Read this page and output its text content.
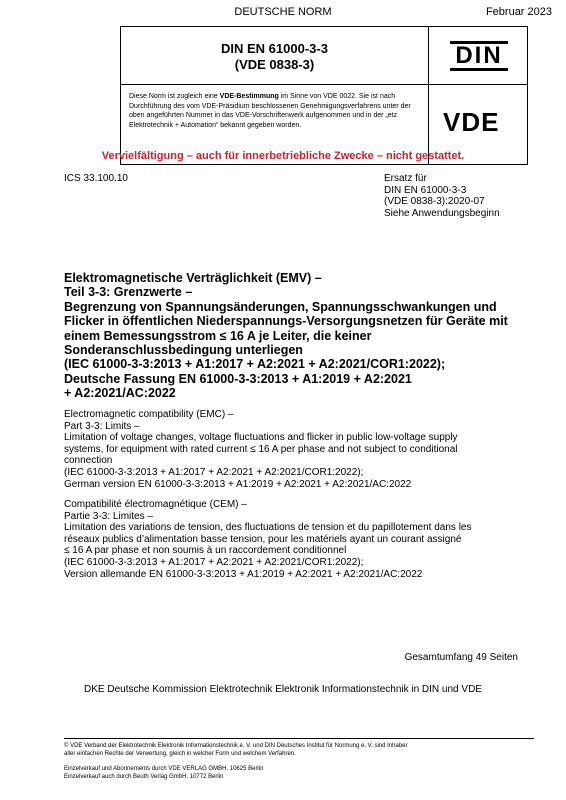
DEUTSCHE NORM	Februar 2023
DIN EN 61000-3-3
(VDE 0838-3)	DIN
Diese Norm ist zugleich eine VDE-Bestimmung im Sinne von VDE 0022. Sie ist nach Durchführung des vom VDE-Präsidium beschlossenen Genehmigungsverfahrens unter der oben angeführten Nummer in das VDE-Vorschriftenwerk aufgenommen und in der „etz Elektrotechnik + Automation“ bekannt gegeben worden.	VDE
Vervielfältigung – auch für innerbetriebliche Zwecke – nicht gestattet.
ICS 33.100.10	Ersatz für
DIN EN 61000-3-3
(VDE 0838-3):2020-07
Siehe Anwendungsbeginn
Elektromagnetische Verträglichkeit (EMV) –
Teil 3-3: Grenzwerte –
Begrenzung von Spannungsänderungen, Spannungsschwankungen und
Flicker in öffentlichen Niederspannungs-Versorgungsnetzen für Geräte mit
einem Bemessungsstrom ≤ 16 A je Leiter, die keiner
Sonderanschlussbedingung unterliegen
(IEC 61000-3-3:2013 + A1:2017 + A2:2021 + A2:2021/COR1:2022);
Deutsche Fassung EN 61000-3-3:2013 + A1:2019 + A2:2021
+ A2:2021/AC:2022
Electromagnetic compatibility (EMC) –
Part 3-3: Limits –
Limitation of voltage changes, voltage fluctuations and flicker in public low-voltage supply
systems, for equipment with rated current ≤ 16 A per phase and not subject to conditional
connection
(IEC 61000-3-3:2013 + A1:2017 + A2:2021 + A2:2021/COR1:2022);
German version EN 61000-3-3:2013 + A1:2019 + A2:2021 + A2:2021/AC:2022
Compatibilité électromagnétique (CEM) –
Partie 3-3: Limites –
Limitation des variations de tension, des fluctuations de tension et du papillotement dans les
réseaux publics d’alimentation basse tension, pour les matériels ayant un courant assigné
≤ 16 A par phase et non soumis à un raccordement conditionnel
(IEC 61000-3-3:2013 + A1:2017 + A2:2021 + A2:2021/COR1:2022);
Version allemande EN 61000-3-3:2013 + A1:2019 + A2:2021 + A2:2021/AC:2022
Gesamtumfang 49 Seiten
DKE Deutsche Kommission Elektrotechnik Elektronik Informationstechnik in DIN und VDE
© VDE Verband der Elektrotechnik Elektronik Informationstechnik e. V. und DIN Deutsches Institut für Normung e. V. sind Inhaber
aller einfachen Rechte der Verwertung, gleich in welcher Form und welchem Verfahren.
Einzelverkauf und Abonnements durch VDE VERLAG GMBH, 10625 Berlin
Einzelverkauf auch durch Beuth Verlag GmbH, 10772 Berlin
